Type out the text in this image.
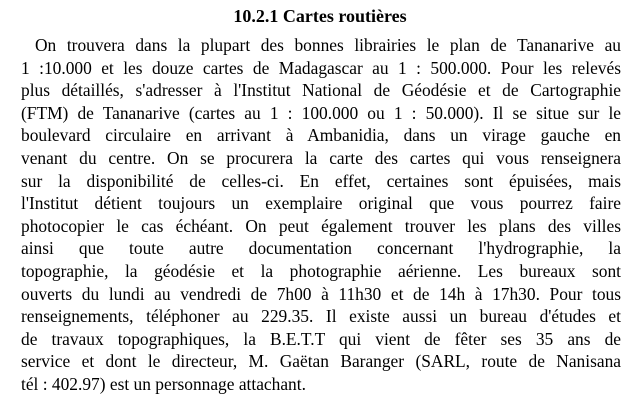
10.2.1 Cartes routières
On trouvera dans la plupart des bonnes librairies le plan de Tananarive au
1 :10.000 et les douze cartes de Madagascar au 1 : 500.000. Pour les relevés
plus détaillés, s'adresser à l'Institut National de Géodésie et de Cartographie
(FTM) de Tananarive (cartes au 1 : 100.000 ou 1 : 50.000). Il se situe sur le
boulevard circulaire en arrivant à Ambanidia, dans un virage gauche en
venant du centre. On se procurera la carte des cartes qui vous renseignera
sur la disponibilité de celles-ci. En effet, certaines sont épuisées, mais
l'Institut détient toujours un exemplaire original que vous pourrez faire
photocopier le cas échéant. On peut également trouver les plans des villes
ainsi que toute autre documentation concernant l'hydrographie, la
topographie, la géodésie et la photographie aérienne. Les bureaux sont
ouverts du lundi au vendredi de 7h00 à 11h30 et de 14h à 17h30. Pour tous
renseignements, téléphoner au 229.35. Il existe aussi un bureau d'études et
de travaux topographiques, la B.E.T.T qui vient de fêter ses 35 ans de
service et dont le directeur, M. Gaëtan Baranger (SARL, route de Nanisana
tél : 402.97) est un personnage attachant.
